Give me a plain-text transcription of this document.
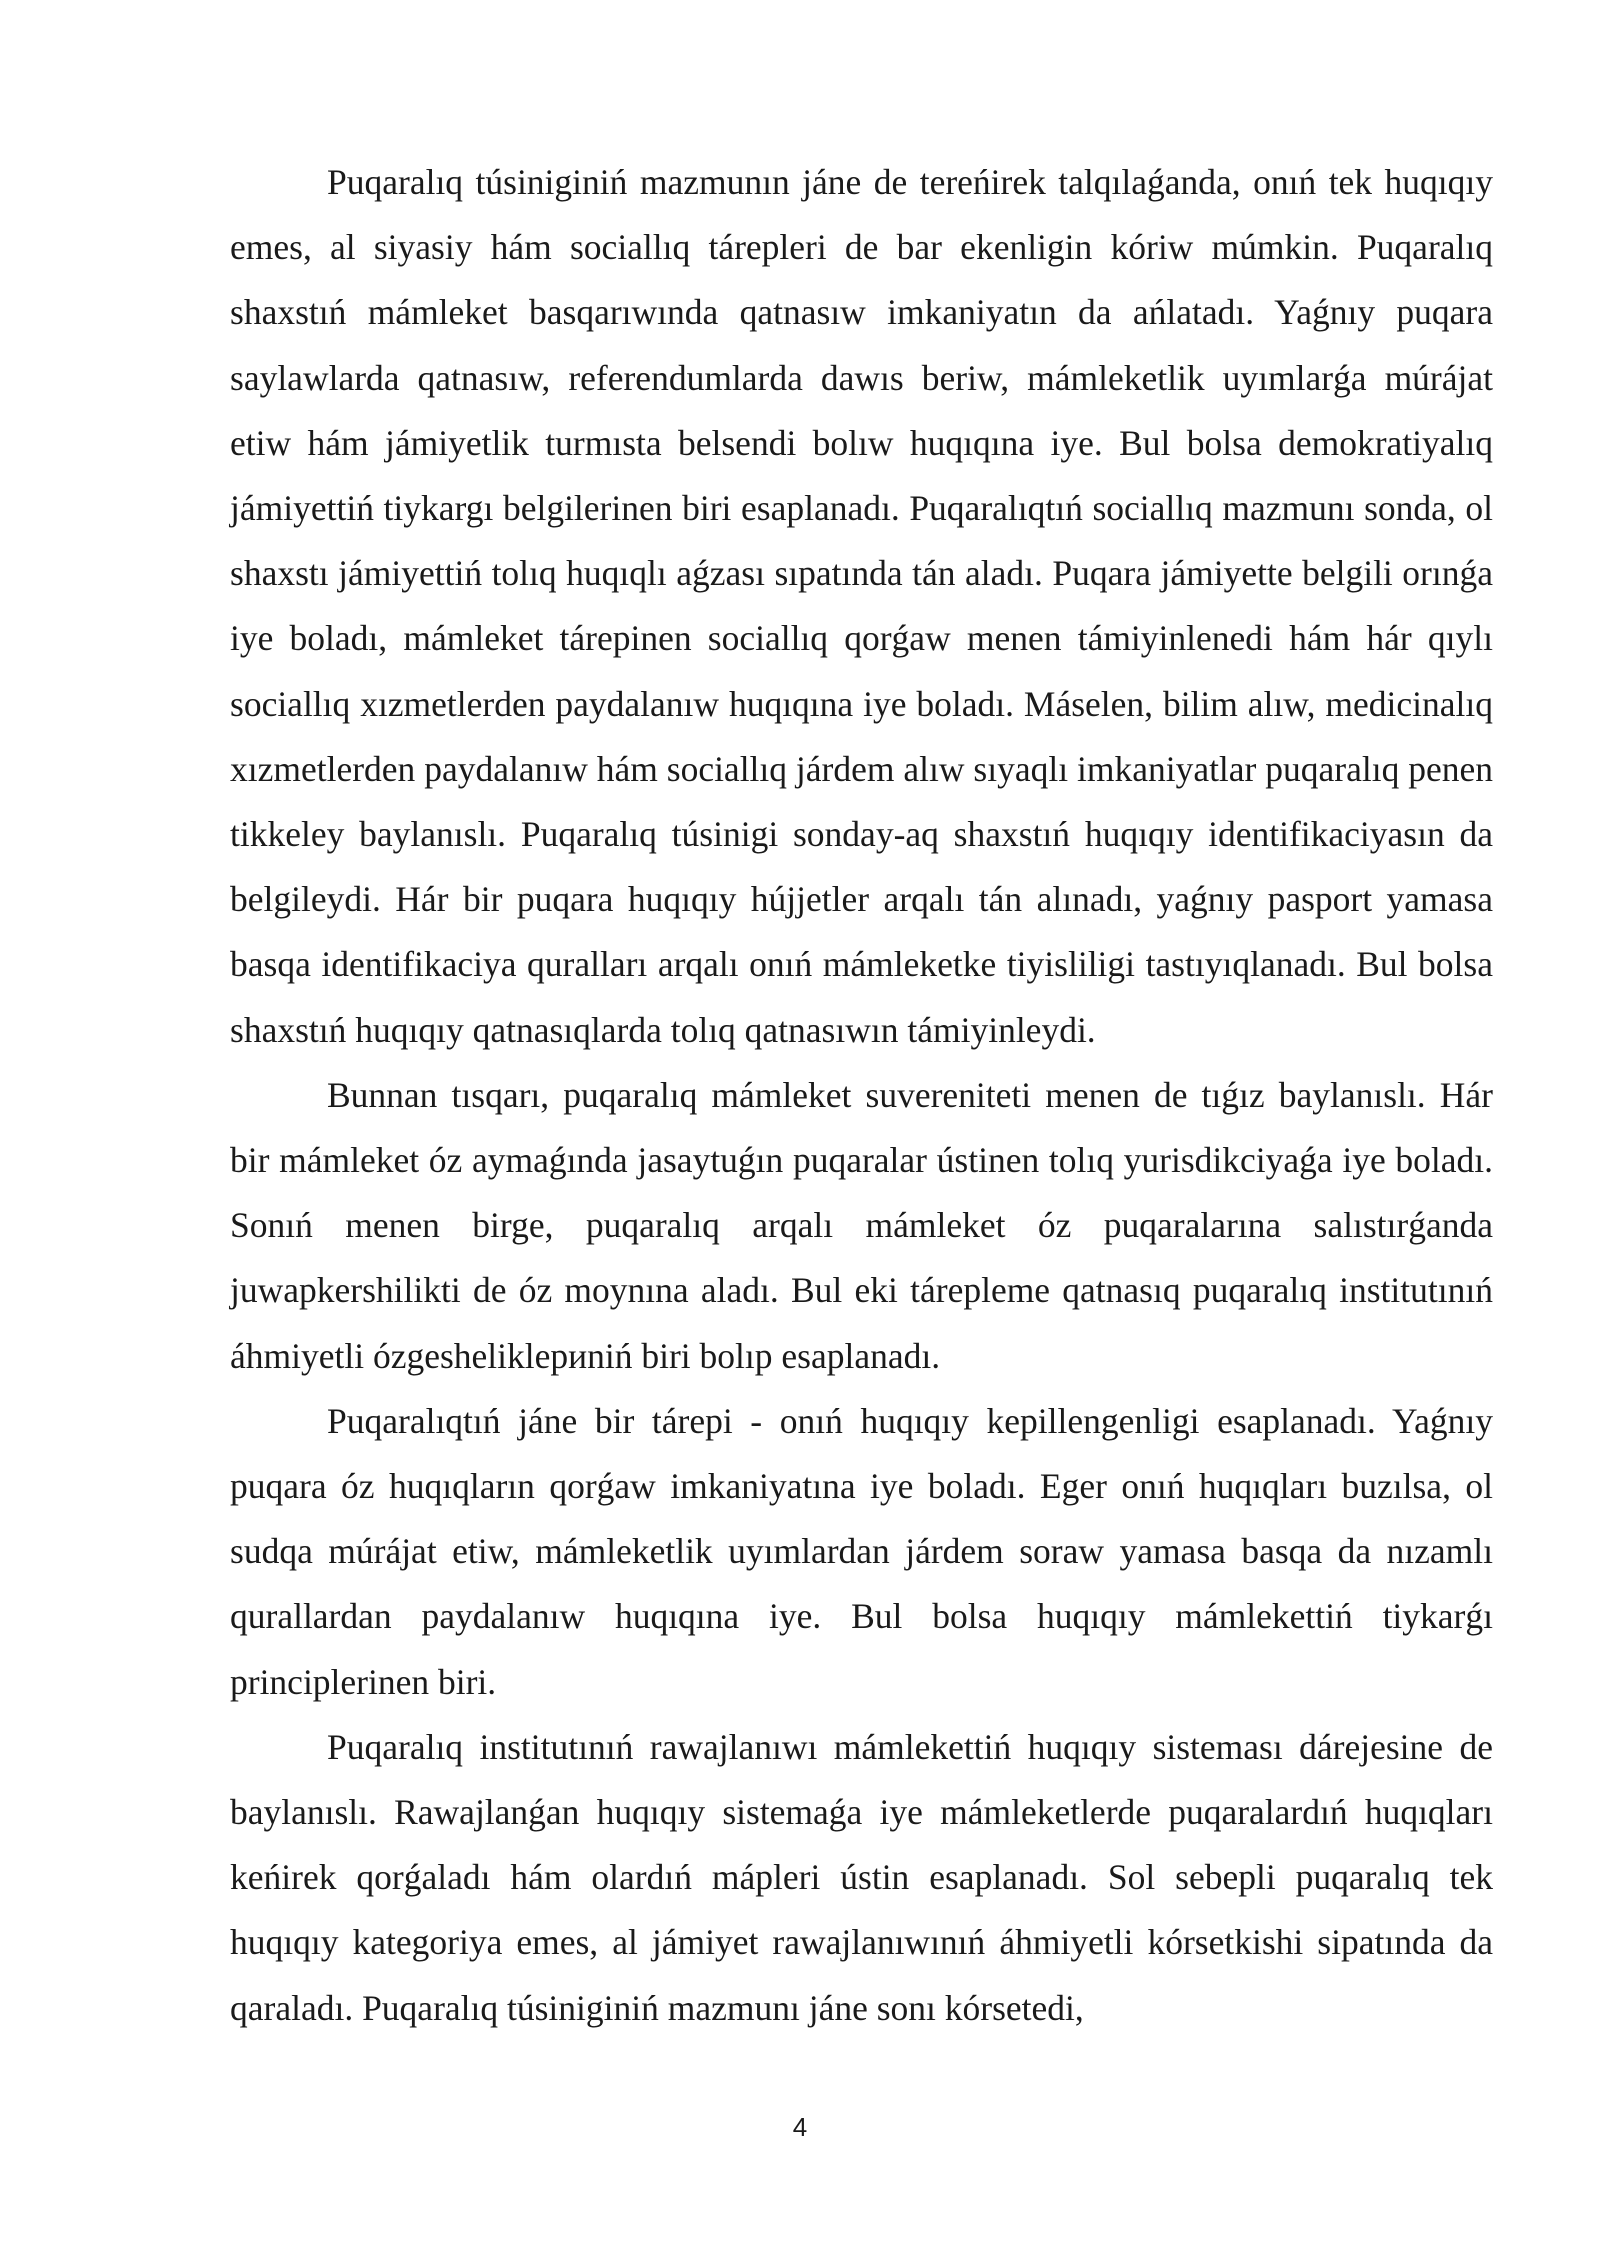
Puqaralıq túsiniginiń mazmunın jáne de tereńirek talqılaǵanda, onıń tek huqıqıy emes, al siyasiy hám sociallıq tárepleri de bar ekenligin kóriw múmkin. Puqaralıq shaxstıń mámleket basqarıwında qatnasıw imkaniyatın da ańlatadı. Yaǵnıy puqara saylawlarda qatnasıw, referendumlarda dawıs beriw, mámleketlik uyımlarǵa múrájat etiw hám jámiyetlik turmısta belsendi bolıw huqıqına iye. Bul bolsa demokratiyalıq jámiyettiń tiykargı belgilerinen biri esaplanadı. Puqaralıqtıń sociallıq mazmunı sonda, ol shaxstı jámiyettiń tolıq huqıqlı aǵzası sıpatında tán aladı. Puqara jámiyette belgili orınǵa iye boladı, mámleket tárepinen sociallıq qorǵaw menen támiyinlenedi hám hár qıylı sociallıq xızmetlerden paydalanıw huqıqına iye boladı. Máselen, bilim alıw, medicinalıq xızmetlerden paydalanıw hám sociallıq járdem alıw sıyaqlı imkaniyatlar puqaralıq penen tikkeley baylanıslı. Puqaralıq túsinigi sonday-aq shaxstıń huqıqıy identifikaciyasın da belgileydi. Hár bir puqara huqıqıy hújjetler arqalı tán alınadı, yaǵnıy pasport yamasa basqa identifikaciya quralları arqalı onıń mámleketke tiyisliligi tastıyıqlanadı. Bul bolsa shaxstıń huqıqıy qatnasıqlarda tolıq qatnasıwın támiyinleydi.

Bunnan tısqarı, puqaralıq mámleket suvereniteti menen de tıǵız baylanıslı. Hár bir mámleket óz aymaǵında jasaytuǵın puqaralar ústinen tolıq yurisdikciyaǵa iye boladı. Sonıń menen birge, puqaralıq arqalı mámleket óz puqaralarına salıstırǵanda juwapkershilikti de óz moynına aladı. Bul eki tárepleme qatnasıq puqaralıq institutınıń áhmiyetli ózgesheliklериniń biri bolıp esaplanadı.

Puqaralıqtıń jáne bir tárepi - onıń huqıqıy kepillengenligi esaplanadı. Yaǵnıy puqara óz huqıqların qorǵaw imkaniyatına iye boladı. Eger onıń huqıqları buzılsa, ol sudqa múrájat etiw, mámleketlik uyımlardan járdem soraw yamasa basqa da nızamlı qurallardan paydalanıw huqıqına iye. Bul bolsa huqıqıy mámlekettiń tiykarǵı principlerinen biri.

Puqaralıq institutınıń rawajlanıwı mámlekettiń huqıqıy sisteması dárejesine de baylanıslı. Rawajlanǵan huqıqıy sistemaǵa iye mámleketlerde puqaralardıń huqıqları keńirek qorǵaladı hám olardıń mápleri ústin esaplanadı. Sol sebepli puqaralıq tek huqıqıy kategoriya emes, al jámiyet rawajlanıwınıń áhmiyetli kórsetkishi sipatında da qaraladı. Puqaralıq túsiniginiń mazmunı jáne sonı kórsetedi,

4
